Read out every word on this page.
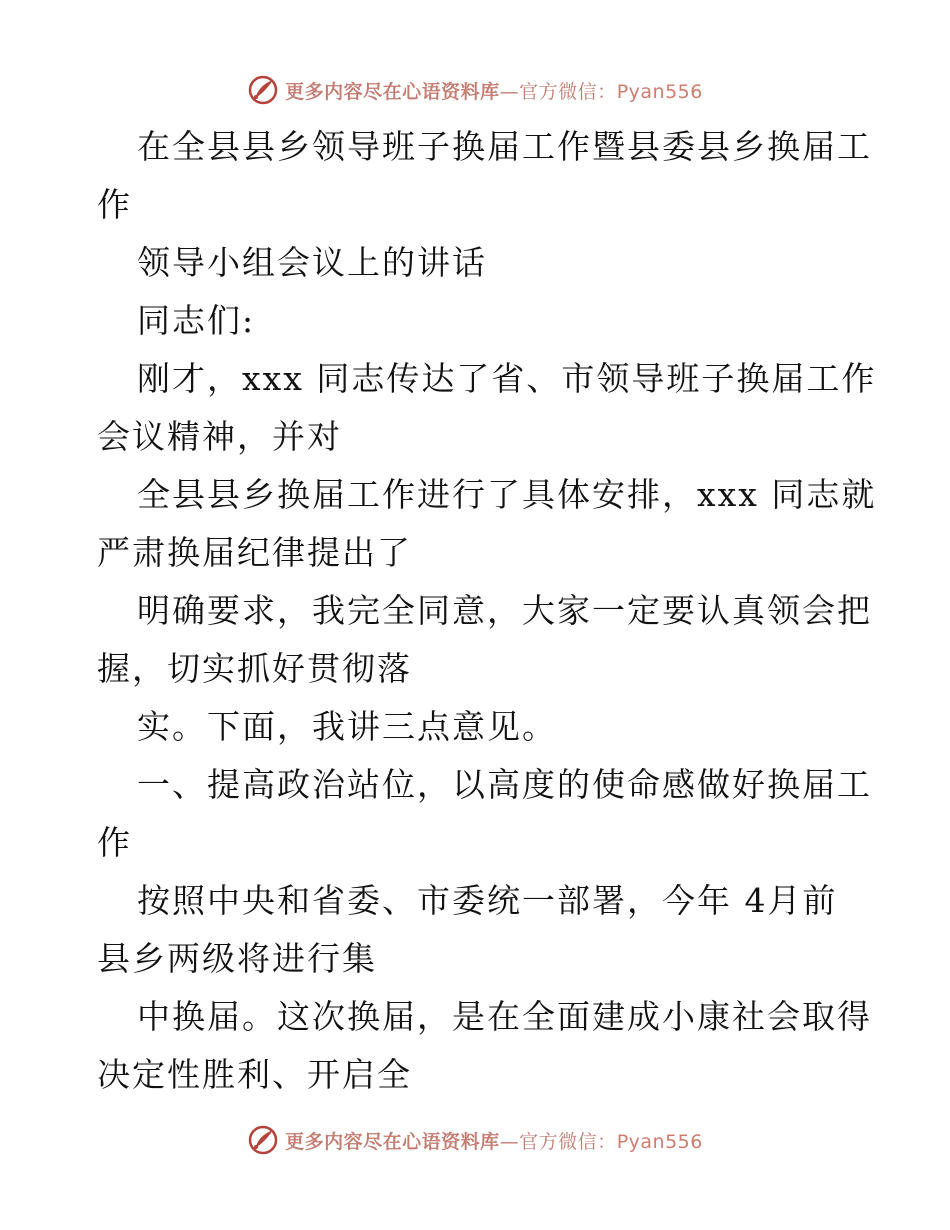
更多内容尽在心语资料库—官方微信：Pyan556
在全县县乡领导班子换届工作暨县委县乡换届工
作
领导小组会议上的讲话
同志们:
刚才，xxx 同志传达了省、市领导班子换届工作
会议精神，并对
全县县乡换届工作进行了具体安排，xxx 同志就
严肃换届纪律提出了
明确要求，我完全同意，大家一定要认真领会把
握，切实抓好贯彻落
实。下面，我讲三点意见。
一、提高政治站位，以高度的使命感做好换届工
作
按照中央和省委、市委统一部署，今年 4月前
县乡两级将进行集
中换届。这次换届，是在全面建成小康社会取得
决定性胜利、开启全
更多内容尽在心语资料库—官方微信：Pyan556
